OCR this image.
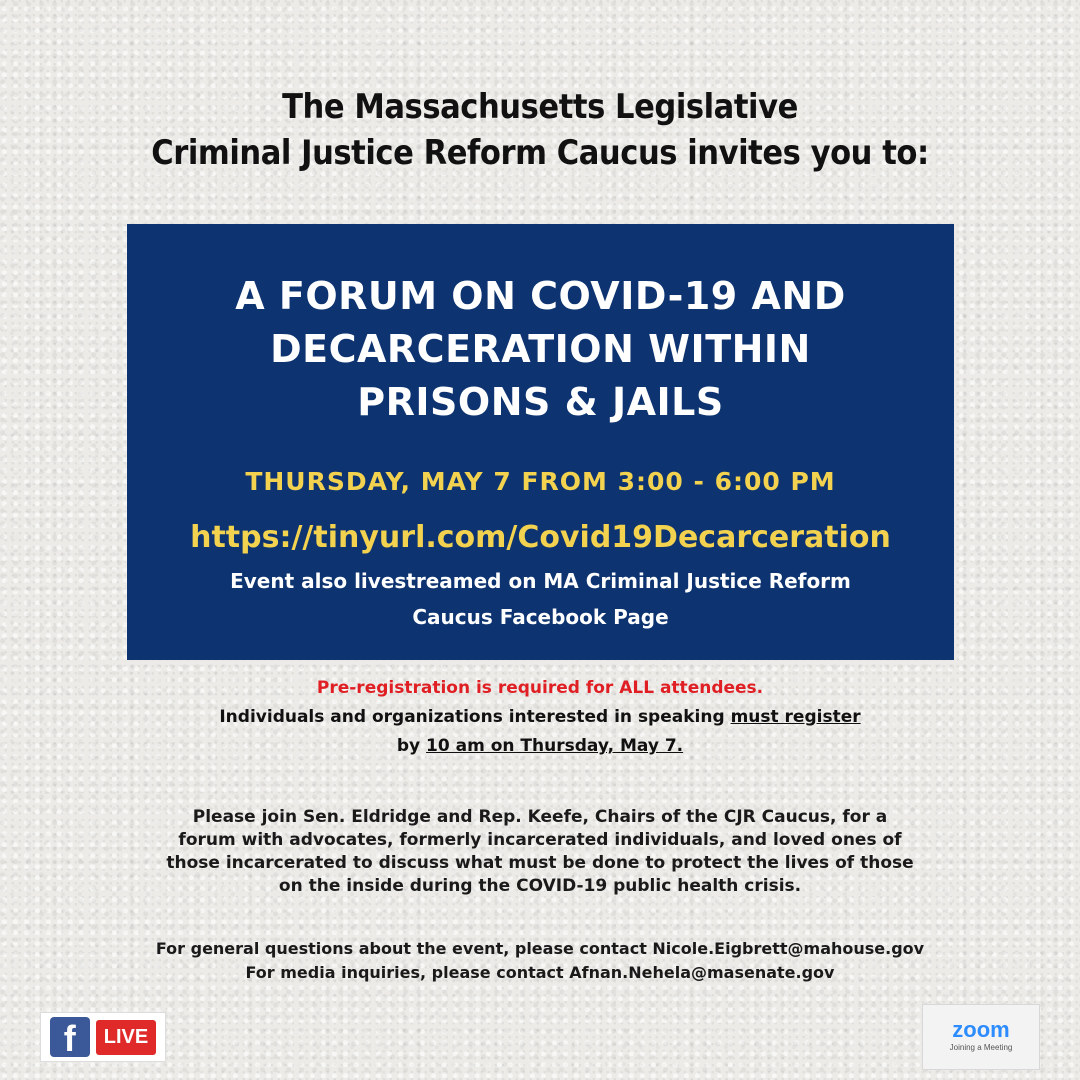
The Massachusetts Legislative
Criminal Justice Reform Caucus invites you to:
A FORUM ON COVID-19 AND
DECARCERATION WITHIN
PRISONS & JAILS
THURSDAY, MAY 7 FROM 3:00 - 6:00 PM
https://tinyurl.com/Covid19Decarceration
Event also livestreamed on MA Criminal Justice Reform
Caucus Facebook Page
Pre-registration is required for ALL attendees.
Individuals and organizations interested in speaking must register
by 10 am on Thursday, May 7.
Please join Sen. Eldridge and Rep. Keefe, Chairs of the CJR Caucus, for a
forum with advocates, formerly incarcerated individuals, and loved ones of
those incarcerated to discuss what must be done to protect the lives of those
on the inside during the COVID-19 public health crisis.
For general questions about the event, please contact Nicole.Eigbrett@mahouse.gov
For media inquiries, please contact Afnan.Nehela@masenate.gov
f	LIVE	zoom
Joining a Meeting
